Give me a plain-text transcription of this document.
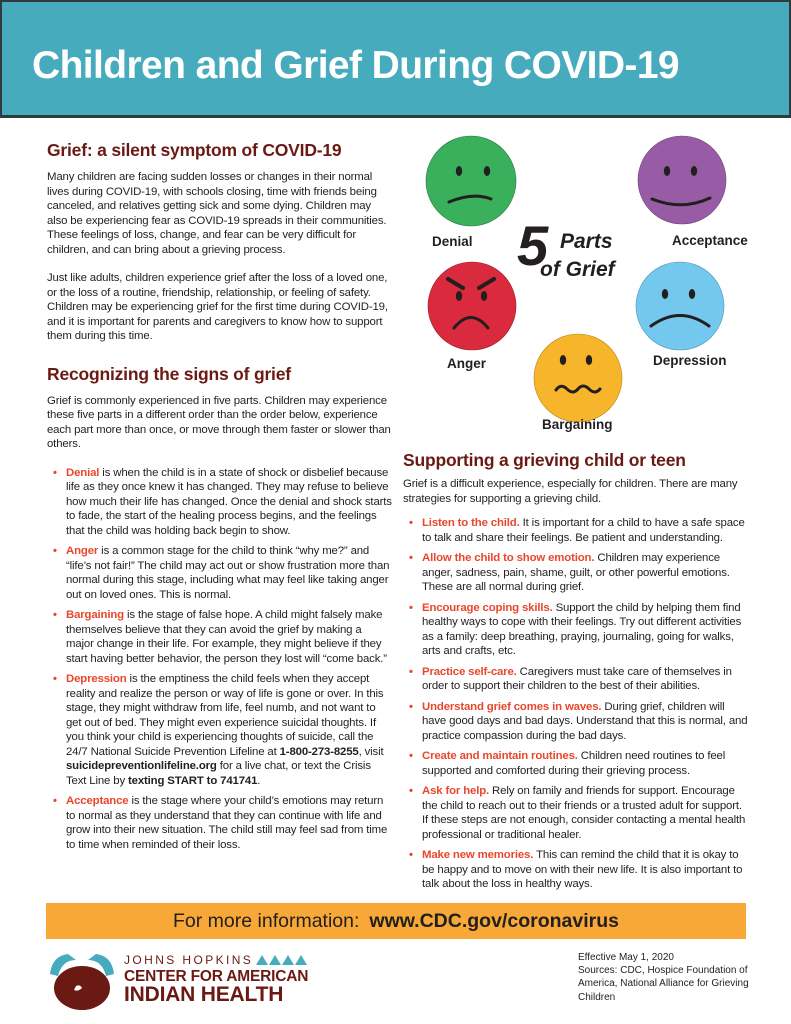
Children and Grief During COVID-19
Grief: a silent symptom of COVID-19

Many children are facing sudden losses or changes in their normal lives during COVID-19, with schools closing, time with friends being canceled, and relatives getting sick and some dying. Children may also be experiencing fear as COVID-19 spreads in their communities. These feelings of loss, change, and fear can be very difficult for children, and can bring about a grieving process.

Just like adults, children experience grief after the loss of a loved one, or the loss of a routine, friendship, relationship, or feeling of safety. Children may be experiencing grief for the first time during COVID-19, and it is important for parents and caregivers to know how to support them during this time.

Recognizing the signs of grief

Grief is commonly experienced in five parts. Children may experience these five parts in a different order than the order below, experience each part more than once, or move through them faster or slower than others.

• Denial is when the child is in a state of shock or disbelief because life as they once knew it has changed. They may refuse to believe how much their life has changed. Once the denial and shock starts to fade, the start of the healing process begins, and the feelings that the child was holding back begin to show.
• Anger is a common stage for the child to think “why me?” and “life’s not fair!” The child may act out or show frustration more than normal during this stage, including what may feel like taking anger out on loved ones. This is normal.
• Bargaining is the stage of false hope. A child might falsely make themselves believe that they can avoid the grief by making a major change in their life. For example, they might believe if they start having better behavior, the person they lost will “come back.”
• Depression is the emptiness the child feels when they accept reality and realize the person or way of life is gone or over. In this stage, they might withdraw from life, feel numb, and not want to get out of bed. They might even experience suicidal thoughts. If you think your child is experiencing thoughts of suicide, call the 24/7 National Suicide Prevention Lifeline at 1-800-273-8255, visit suicidepreventionlifeline.org for a live chat, or text the Crisis Text Line by texting START to 741741.
• Acceptance is the stage where your child’s emotions may return to normal as they understand that they can continue with life and grow into their new situation. The child still may feel sad from time to time when reminded of their loss.
Denial	Acceptance
5 Parts
of Grief
Anger	Depression
Bargaining
Supporting a grieving child or teen

Grief is a difficult experience, especially for children. There are many strategies for supporting a grieving child.

• Listen to the child. It is important for a child to have a safe space to talk and share their feelings. Be patient and understanding.
• Allow the child to show emotion. Children may experience anger, sadness, pain, shame, guilt, or other powerful emotions. These are all normal during grief.
• Encourage coping skills. Support the child by helping them find healthy ways to cope with their feelings. Try out different activities as a family: deep breathing, praying, journaling, going for walks, arts and crafts, etc.
• Practice self-care. Caregivers must take care of themselves in order to support their children to the best of their abilities.
• Understand grief comes in waves. During grief, children will have good days and bad days. Understand that this is normal, and practice compassion during the bad days.
• Create and maintain routines. Children need routines to feel supported and comforted during their grieving process.
• Ask for help. Rely on family and friends for support. Encourage the child to reach out to their friends or a trusted adult for support. If these steps are not enough, consider contacting a mental health professional or traditional healer.
• Make new memories. This can remind the child that it is okay to be happy and to move on with their new life. It is also important to talk about the loss in healthy ways.
For more information: www.CDC.gov/coronavirus
JOHNS HOPKINS
CENTER FOR AMERICAN
INDIAN HEALTH
Effective May 1, 2020
Sources: CDC, Hospice Foundation of America, National Alliance for Grieving Children
